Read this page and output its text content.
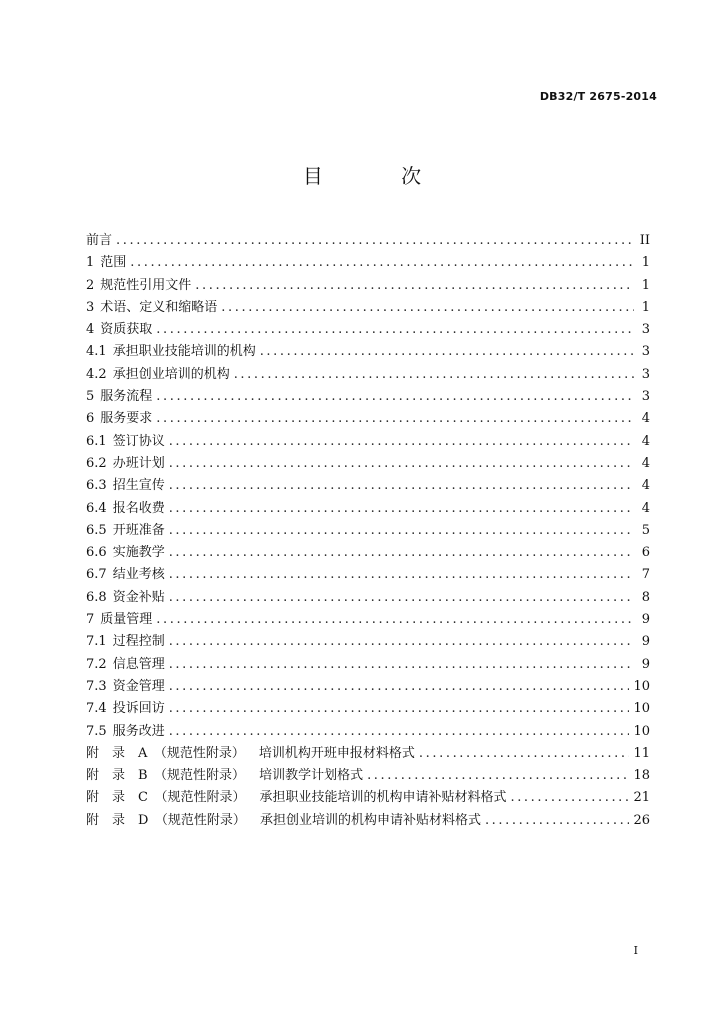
DB32/T 2675-2014
目 次
前言 .....	II
1 范围 .....	1
2 规范性引用文件 .....	1
3 术语、定义和缩略语 .....	1
4 资质获取 .....	3
4.1 承担职业技能培训的机构 .....	3
4.2 承担创业培训的机构 .....	3
5 服务流程 .....	3
6 服务要求 .....	4
6.1 签订协议 .....	4
6.2 办班计划 .....	4
6.3 招生宣传 .....	4
6.4 报名收费 .....	4
6.5 开班准备 .....	5
6.6 实施教学 .....	6
6.7 结业考核 .....	7
6.8 资金补贴 .....	8
7 质量管理 .....	9
7.1 过程控制 .....	9
7.2 信息管理 .....	9
7.3 资金管理 .....	10
7.4 投诉回访 .....	10
7.5 服务改进 .....	10
附　录　A　（规范性附录） 培训机构开班申报材料格式 .....	11
附　录　B　（规范性附录） 培训教学计划格式 .....	18
附　录　C　（规范性附录） 承担职业技能培训的机构申请补贴材料格式 .....	21
附　录　D　（规范性附录） 承担创业培训的机构申请补贴材料格式 .....	26
I
